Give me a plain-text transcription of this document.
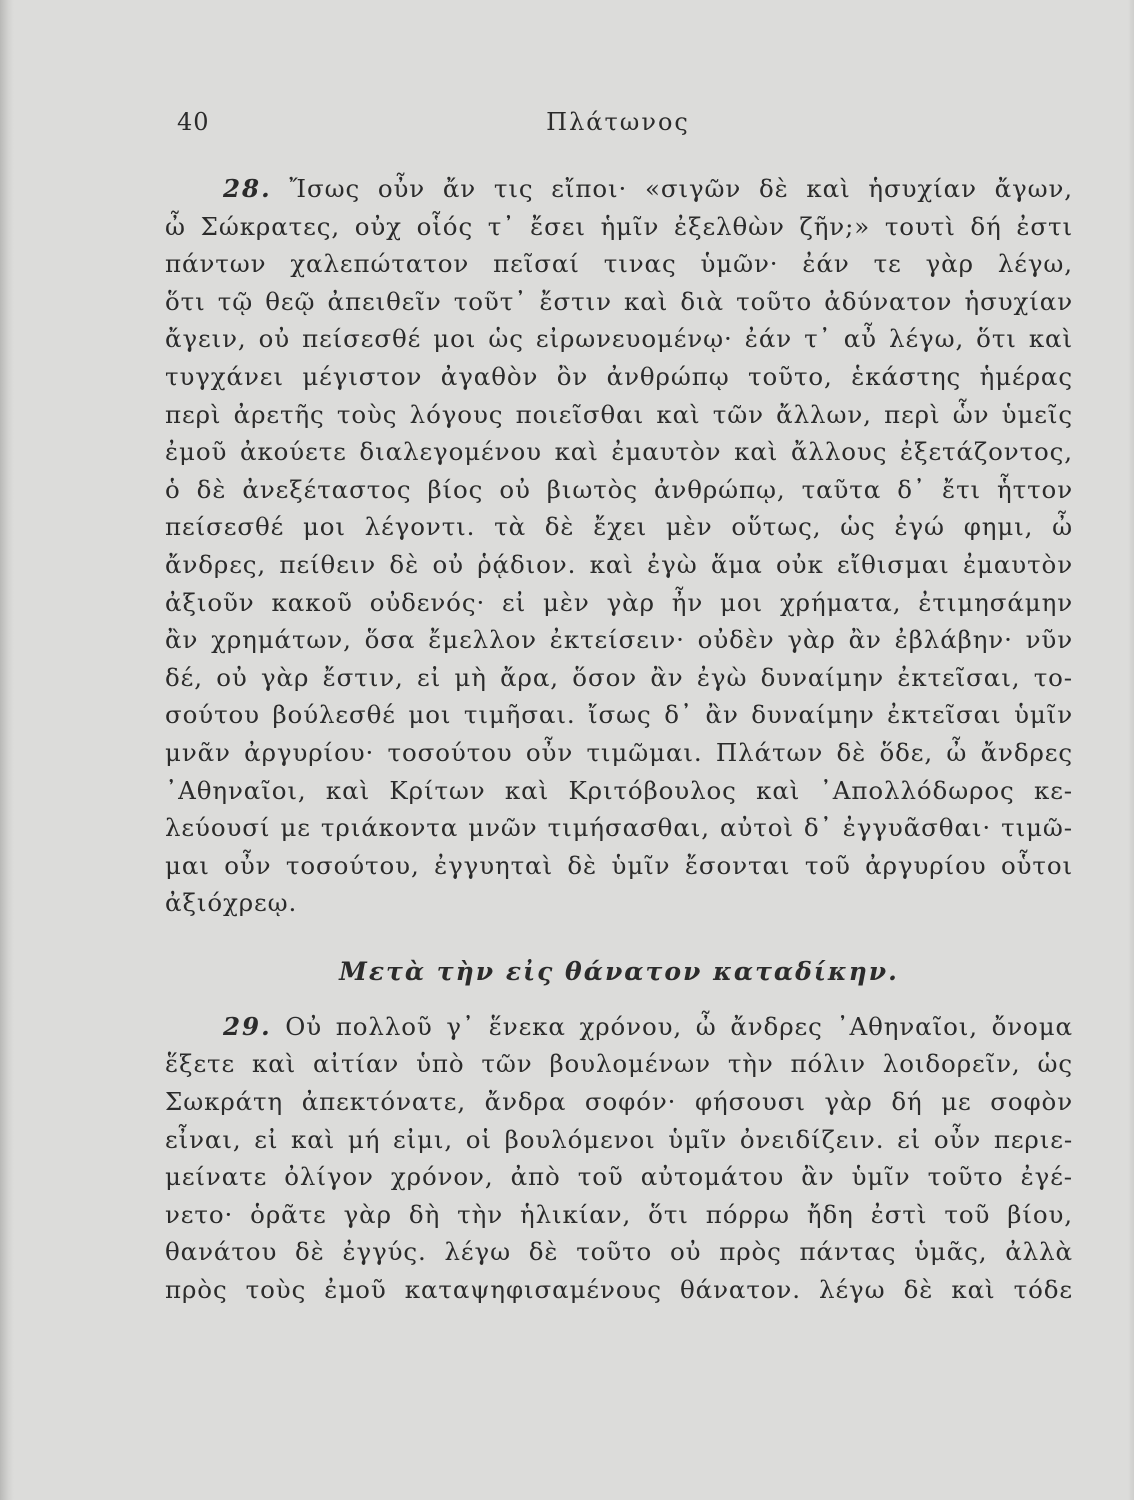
40	Πλάτωνος
28. Ἴσως οὖν ἄν τις εἴποι· «σιγῶν δὲ καὶ ἡσυχίαν ἄγων,
ὦ Σώκρατες, οὐχ οἷός τ᾿ ἔσει ἡμῖν ἐξελθὼν ζῆν;» τουτὶ δή ἐστι
πάντων χαλεπώτατον πεῖσαί τινας ὑμῶν· ἐάν τε γὰρ λέγω,
ὅτι τῷ θεῷ ἀπειθεῖν τοῦτ᾿ ἔστιν καὶ διὰ τοῦτο ἀδύνατον ἡσυχίαν
ἄγειν, οὐ πείσεσθέ μοι ὡς εἰρωνευομένῳ· ἐάν τ᾿ αὖ λέγω, ὅτι καὶ
τυγχάνει μέγιστον ἀγαθὸν ὂν ἀνθρώπῳ τοῦτο, ἑκάστης ἡμέρας
περὶ ἀρετῆς τοὺς λόγους ποιεῖσθαι καὶ τῶν ἄλλων, περὶ ὧν ὑμεῖς
ἐμοῦ ἀκούετε διαλεγομένου καὶ ἐμαυτὸν καὶ ἄλλους ἐξετάζοντος,
ὁ δὲ ἀνεξέταστος βίος οὐ βιωτὸς ἀνθρώπῳ, ταῦτα δ᾿ ἔτι ἧττον
πείσεσθέ μοι λέγοντι. τὰ δὲ ἔχει μὲν οὕτως, ὡς ἐγώ φημι, ὦ
ἄνδρες, πείθειν δὲ οὐ ῥᾴδιον. καὶ ἐγὼ ἅμα οὐκ εἴθισμαι ἐμαυτὸν
ἀξιοῦν κακοῦ οὐδενός· εἰ μὲν γὰρ ἦν μοι χρήματα, ἐτιμησάμην
ἂν χρημάτων, ὅσα ἔμελλον ἐκτείσειν· οὐδὲν γὰρ ἂν ἐβλάβην· νῦν
δέ, οὐ γὰρ ἔστιν, εἰ μὴ ἄρα, ὅσον ἂν ἐγὼ δυναίμην ἐκτεῖσαι, το-
σούτου βούλεσθέ μοι τιμῆσαι. ἴσως δ᾿ ἂν δυναίμην ἐκτεῖσαι ὑμῖν
μνᾶν ἀργυρίου· τοσούτου οὖν τιμῶμαι. Πλάτων δὲ ὅδε, ὦ ἄνδρες
᾿Αθηναῖοι, καὶ Κρίτων καὶ Κριτόβουλος καὶ ᾿Απολλόδωρος κε-
λεύουσί με τριάκοντα μνῶν τιμήσασθαι, αὐτοὶ δ᾿ ἐγγυᾶσθαι· τιμῶ-
μαι οὖν τοσούτου, ἐγγυηταὶ δὲ ὑμῖν ἔσονται τοῦ ἀργυρίου οὗτοι
ἀξιόχρεῳ.
Μετὰ τὴν εἰς θάνατον καταδίκην.
29. Οὐ πολλοῦ γ᾿ ἕνεκα χρόνου, ὦ ἄνδρες ᾿Αθηναῖοι, ὄνομα
ἕξετε καὶ αἰτίαν ὑπὸ τῶν βουλομένων τὴν πόλιν λοιδορεῖν, ὡς
Σωκράτη ἀπεκτόνατε, ἄνδρα σοφόν· φήσουσι γὰρ δή με σοφὸν
εἶναι, εἰ καὶ μή εἰμι, οἱ βουλόμενοι ὑμῖν ὀνειδίζειν. εἰ οὖν περιε-
μείνατε ὀλίγον χρόνον, ἀπὸ τοῦ αὐτομάτου ἂν ὑμῖν τοῦτο ἐγέ-
νετο· ὁρᾶτε γὰρ δὴ τὴν ἡλικίαν, ὅτι πόρρω ἤδη ἐστὶ τοῦ βίου,
θανάτου δὲ ἐγγύς. λέγω δὲ τοῦτο οὐ πρὸς πάντας ὑμᾶς, ἀλλὰ
πρὸς τοὺς ἐμοῦ καταψηφισαμένους θάνατον. λέγω δὲ καὶ τόδε
